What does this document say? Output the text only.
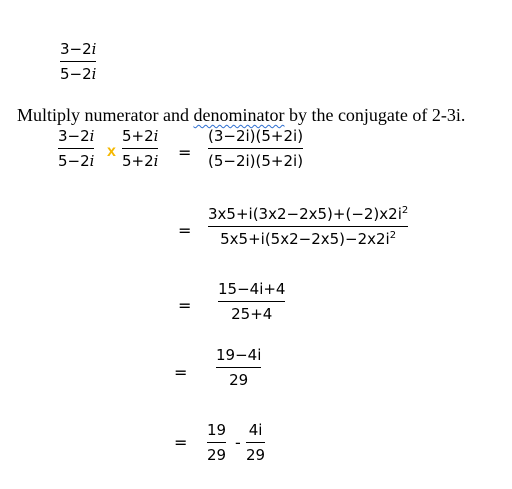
3−2i
5−2i
Multiply numerator and denominator by the conjugate of 2-3i.
3−2i
5−2i
x
5+2i
5+2i =
(3−2i)(5+2i)
(5−2i)(5+2i)
=
$3x5+i(3x2-2x5)+(-2)x2i^2$
$5x5+i(5x2-2x5)-2x2i^2$
=
15−4i+4
25+4
=
19−4i
29
=
19
29
-
4i
29
